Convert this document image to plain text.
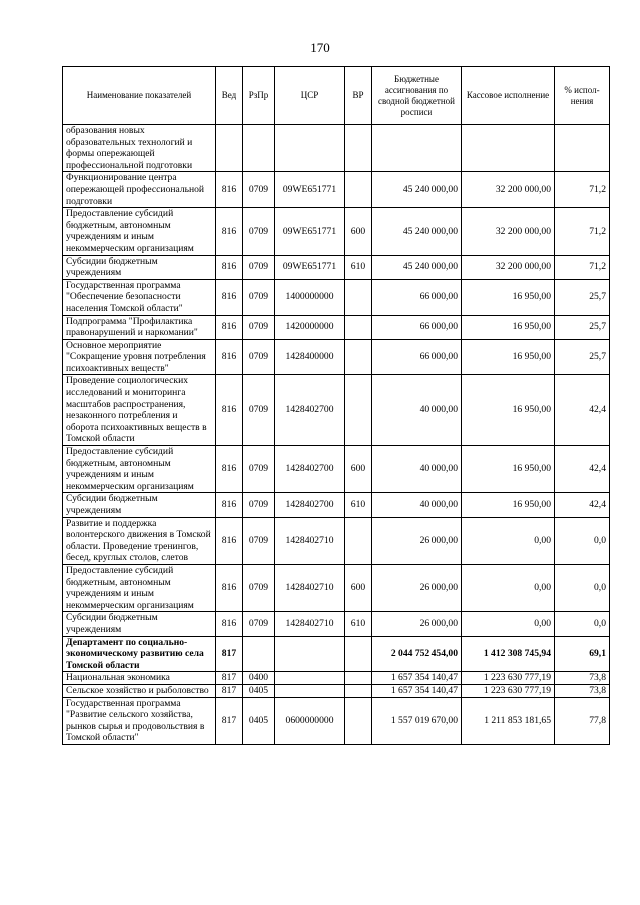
170
Наименование показателей	Вед	РзПр	ЦСР	ВР	Бюджетные ассигнования по сводной бюджетной росписи	Кассовое исполнение	% испол-нения
образования новых образовательных технологий и формы опережающей профессиональной подготовки							
Функционирование центра опережающей профессиональной подготовки	816	0709	09WE651771		45 240 000,00	32 200 000,00	71,2
Предоставление субсидий бюджетным, автономным учреждениям и иным некоммерческим организациям	816	0709	09WE651771	600	45 240 000,00	32 200 000,00	71,2
Субсидии бюджетным учреждениям	816	0709	09WE651771	610	45 240 000,00	32 200 000,00	71,2
Государственная программа "Обеспечение безопасности населения Томской области"	816	0709	1400000000		66 000,00	16 950,00	25,7
Подпрограмма "Профилактика правонарушений и наркомании"	816	0709	1420000000		66 000,00	16 950,00	25,7
Основное мероприятие "Сокращение уровня потребления психоактивных веществ"	816	0709	1428400000		66 000,00	16 950,00	25,7
Проведение социологических исследований и мониторинга масштабов распространения, незаконного потребления и оборота психоактивных веществ в Томской области	816	0709	1428402700		40 000,00	16 950,00	42,4
Предоставление субсидий бюджетным, автономным учреждениям и иным некоммерческим организациям	816	0709	1428402700	600	40 000,00	16 950,00	42,4
Субсидии бюджетным учреждениям	816	0709	1428402700	610	40 000,00	16 950,00	42,4
Развитие и поддержка волонтерского движения в Томской области. Проведение тренингов, бесед, круглых столов, слетов	816	0709	1428402710		26 000,00	0,00	0,0
Предоставление субсидий бюджетным, автономным учреждениям и иным некоммерческим организациям	816	0709	1428402710	600	26 000,00	0,00	0,0
Субсидии бюджетным учреждениям	816	0709	1428402710	610	26 000,00	0,00	0,0
Департамент по социально-экономическому развитию села Томской области	817				2 044 752 454,00	1 412 308 745,94	69,1
Национальная экономика	817	0400			1 657 354 140,47	1 223 630 777,19	73,8
Сельское хозяйство и рыболовство	817	0405			1 657 354 140,47	1 223 630 777,19	73,8
Государственная программа "Развитие сельского хозяйства, рынков сырья и продовольствия в Томской области"	817	0405	0600000000		1 557 019 670,00	1 211 853 181,65	77,8
